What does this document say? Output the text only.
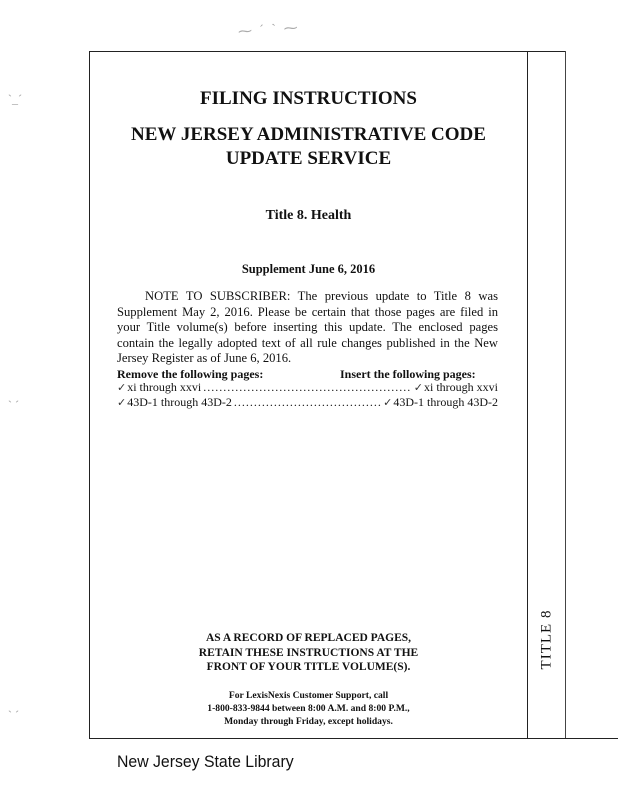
⁓ ˊ ˋ ⁓
ˋ_ˊ
ˋ ˊ
ˋ ˊ
FILING INSTRUCTIONS
NEW JERSEY ADMINISTRATIVE CODE
UPDATE SERVICE
Title 8. Health
Supplement June 6, 2016

NOTE TO SUBSCRIBER: The previous update to Title 8 was Supplement May 2, 2016. Please be certain that those pages are filed in your Title volume(s) before inserting this update. The enclosed pages contain the legally adopted text of all rule changes published in the New Jersey Register as of June 6, 2016.

Remove the following pages:	Insert the following pages:
✓ xi through xxvi .....	✓ xi through xxvi
✓ 43D-1 through 43D-2 .....	✓ 43D-1 through 43D-2
AS A RECORD OF REPLACED PAGES,
RETAIN THESE INSTRUCTIONS AT THE
FRONT OF YOUR TITLE VOLUME(S).
For LexisNexis Customer Support, call
1-800-833-9844 between 8:00 A.M. and 8:00 P.M.,
Monday through Friday, except holidays.
TITLE 8
New Jersey State Library
